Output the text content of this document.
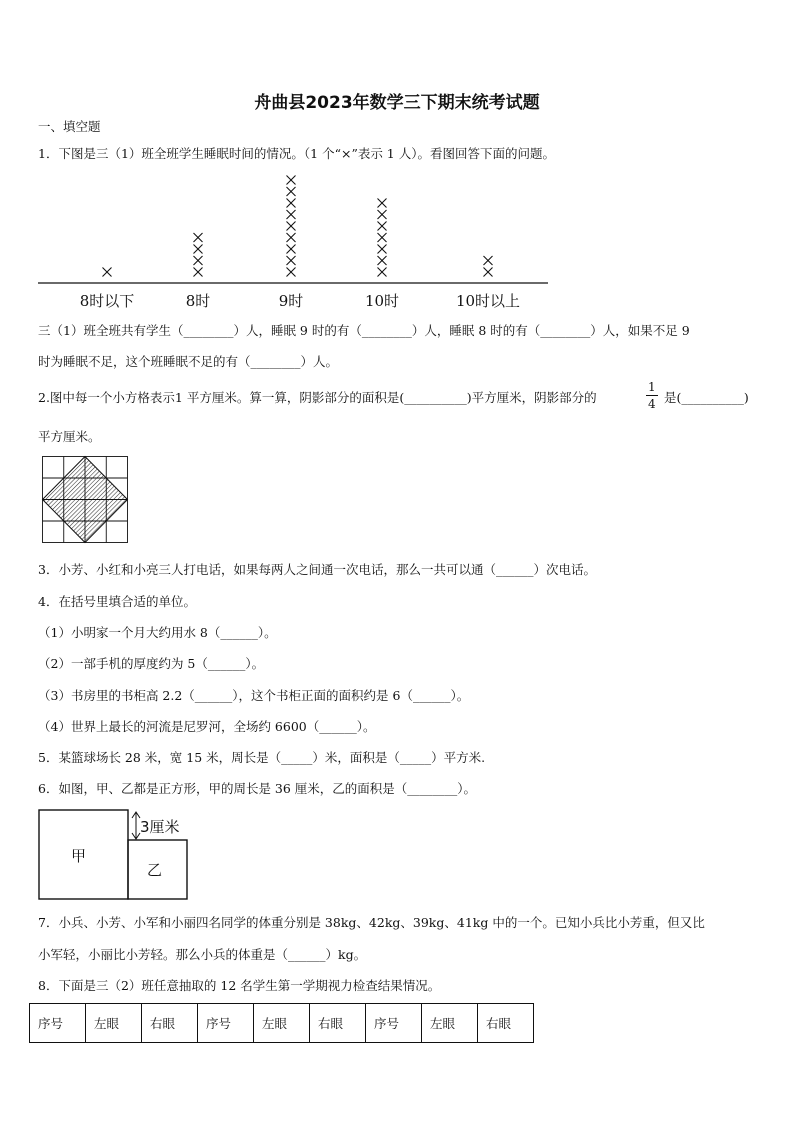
舟曲县2023年数学三下期末统考试题
一、填空题
1．下图是三（1）班全班学生睡眠时间的情况。（1 个“×”表示 1 人）。看图回答下面的问题。
8时以下	8时	9时	10时	10时以上
三（1）班全班共有学生（________）人，睡眠 9 时的有（________）人，睡眠 8 时的有（________）人，如果不足 9
时为睡眠不足，这个班睡眠不足的有（________）人。
2.图中每一个小方格表示1 平方厘米。算一算，阴影部分的面积是(__________)平方厘米，阴影部分的	$\frac{1}{4}$ 是(__________)
平方厘米。
3．小芳、小红和小亮三人打电话，如果每两人之间通一次电话，那么一共可以通（______）次电话。
4．在括号里填合适的单位。
（1）小明家一个月大约用水 8（______）。
（2）一部手机的厚度约为 5（______）。
（3）书房里的书柜高 2.2（______），这个书柜正面的面积约是 6（______）。
（4）世界上最长的河流是尼罗河，全场约 6600（______）。
5．某篮球场长 28 米，宽 15 米，周长是（_____）米，面积是（_____）平方米.
6．如图，甲、乙都是正方形，甲的周长是 36 厘米，乙的面积是（________）。
甲
乙
3厘米
7．小兵、小芳、小军和小丽四名同学的体重分别是 38kg、42kg、39kg、41kg 中的一个。已知小兵比小芳重，但又比
小军轻，小丽比小芳轻。那么小兵的体重是（______）kg。
8．下面是三（2）班任意抽取的 12 名学生第一学期视力检查结果情况。
序号	左眼	右眼	序号	左眼	右眼	序号	左眼	右眼
